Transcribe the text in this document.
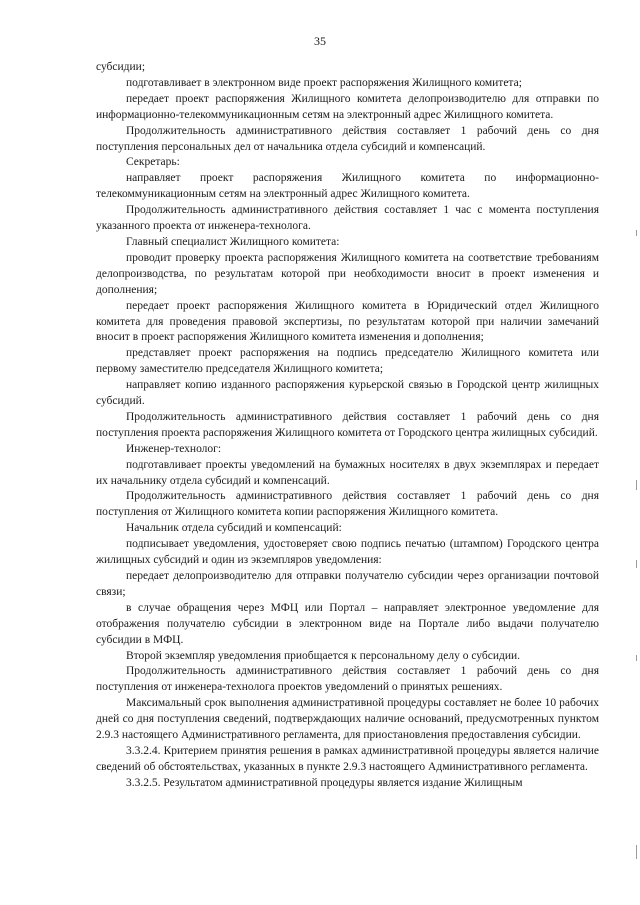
35

субсидии;

подготавливает в электронном виде проект распоряжения Жилищного комитета;

передает проект распоряжения Жилищного комитета делопроизводителю для отправки по информационно-телекоммуникационным сетям на электронный адрес Жилищного комитета.

Продолжительность административного действия составляет 1 рабочий день со дня поступления персональных дел от начальника отдела субсидий и компенсаций.

Секретарь:

направляет проект распоряжения Жилищного комитета по информационно-телекоммуникационным сетям на электронный адрес Жилищного комитета.

Продолжительность административного действия составляет 1 час с момента поступления указанного проекта от инженера-технолога.

Главный специалист Жилищного комитета:

проводит проверку проекта распоряжения Жилищного комитета на соответствие требованиям делопроизводства, по результатам которой при необходимости вносит в проект изменения и дополнения;

передает проект распоряжения Жилищного комитета в Юридический отдел Жилищного комитета для проведения правовой экспертизы, по результатам которой при наличии замечаний вносит в проект распоряжения Жилищного комитета изменения и дополнения;

представляет проект распоряжения на подпись председателю Жилищного комитета или первому заместителю председателя Жилищного комитета;

направляет копию изданного распоряжения курьерской связью в Городской центр жилищных субсидий.

Продолжительность административного действия составляет 1 рабочий день со дня поступления проекта распоряжения Жилищного комитета от Городского центра жилищных субсидий.

Инженер-технолог:

подготавливает проекты уведомлений на бумажных носителях в двух экземплярах и передает их начальнику отдела субсидий и компенсаций.

Продолжительность административного действия составляет 1 рабочий день со дня поступления от Жилищного комитета копии распоряжения Жилищного комитета.

Начальник отдела субсидий и компенсаций:

подписывает уведомления, удостоверяет свою подпись печатью (штампом) Городского центра жилищных субсидий и один из экземпляров уведомления:

передает делопроизводителю для отправки получателю субсидии через организации почтовой связи;

в случае обращения через МФЦ или Портал – направляет электронное уведомление для отображения получателю субсидии в электронном виде на Портале либо выдачи получателю субсидии в МФЦ.

Второй экземпляр уведомления приобщается к персональному делу о субсидии.

Продолжительность административного действия составляет 1 рабочий день со дня поступления от инженера-технолога проектов уведомлений о принятых решениях.

Максимальный срок выполнения административной процедуры составляет не более 10 рабочих дней со дня поступления сведений, подтверждающих наличие оснований, предусмотренных пунктом 2.9.3 настоящего Административного регламента, для приостановления предоставления субсидии.

3.3.2.4. Критерием принятия решения в рамках административной процедуры является наличие сведений об обстоятельствах, указанных в пункте 2.9.3 настоящего Административного регламента.

3.3.2.5. Результатом административной процедуры является издание Жилищным
